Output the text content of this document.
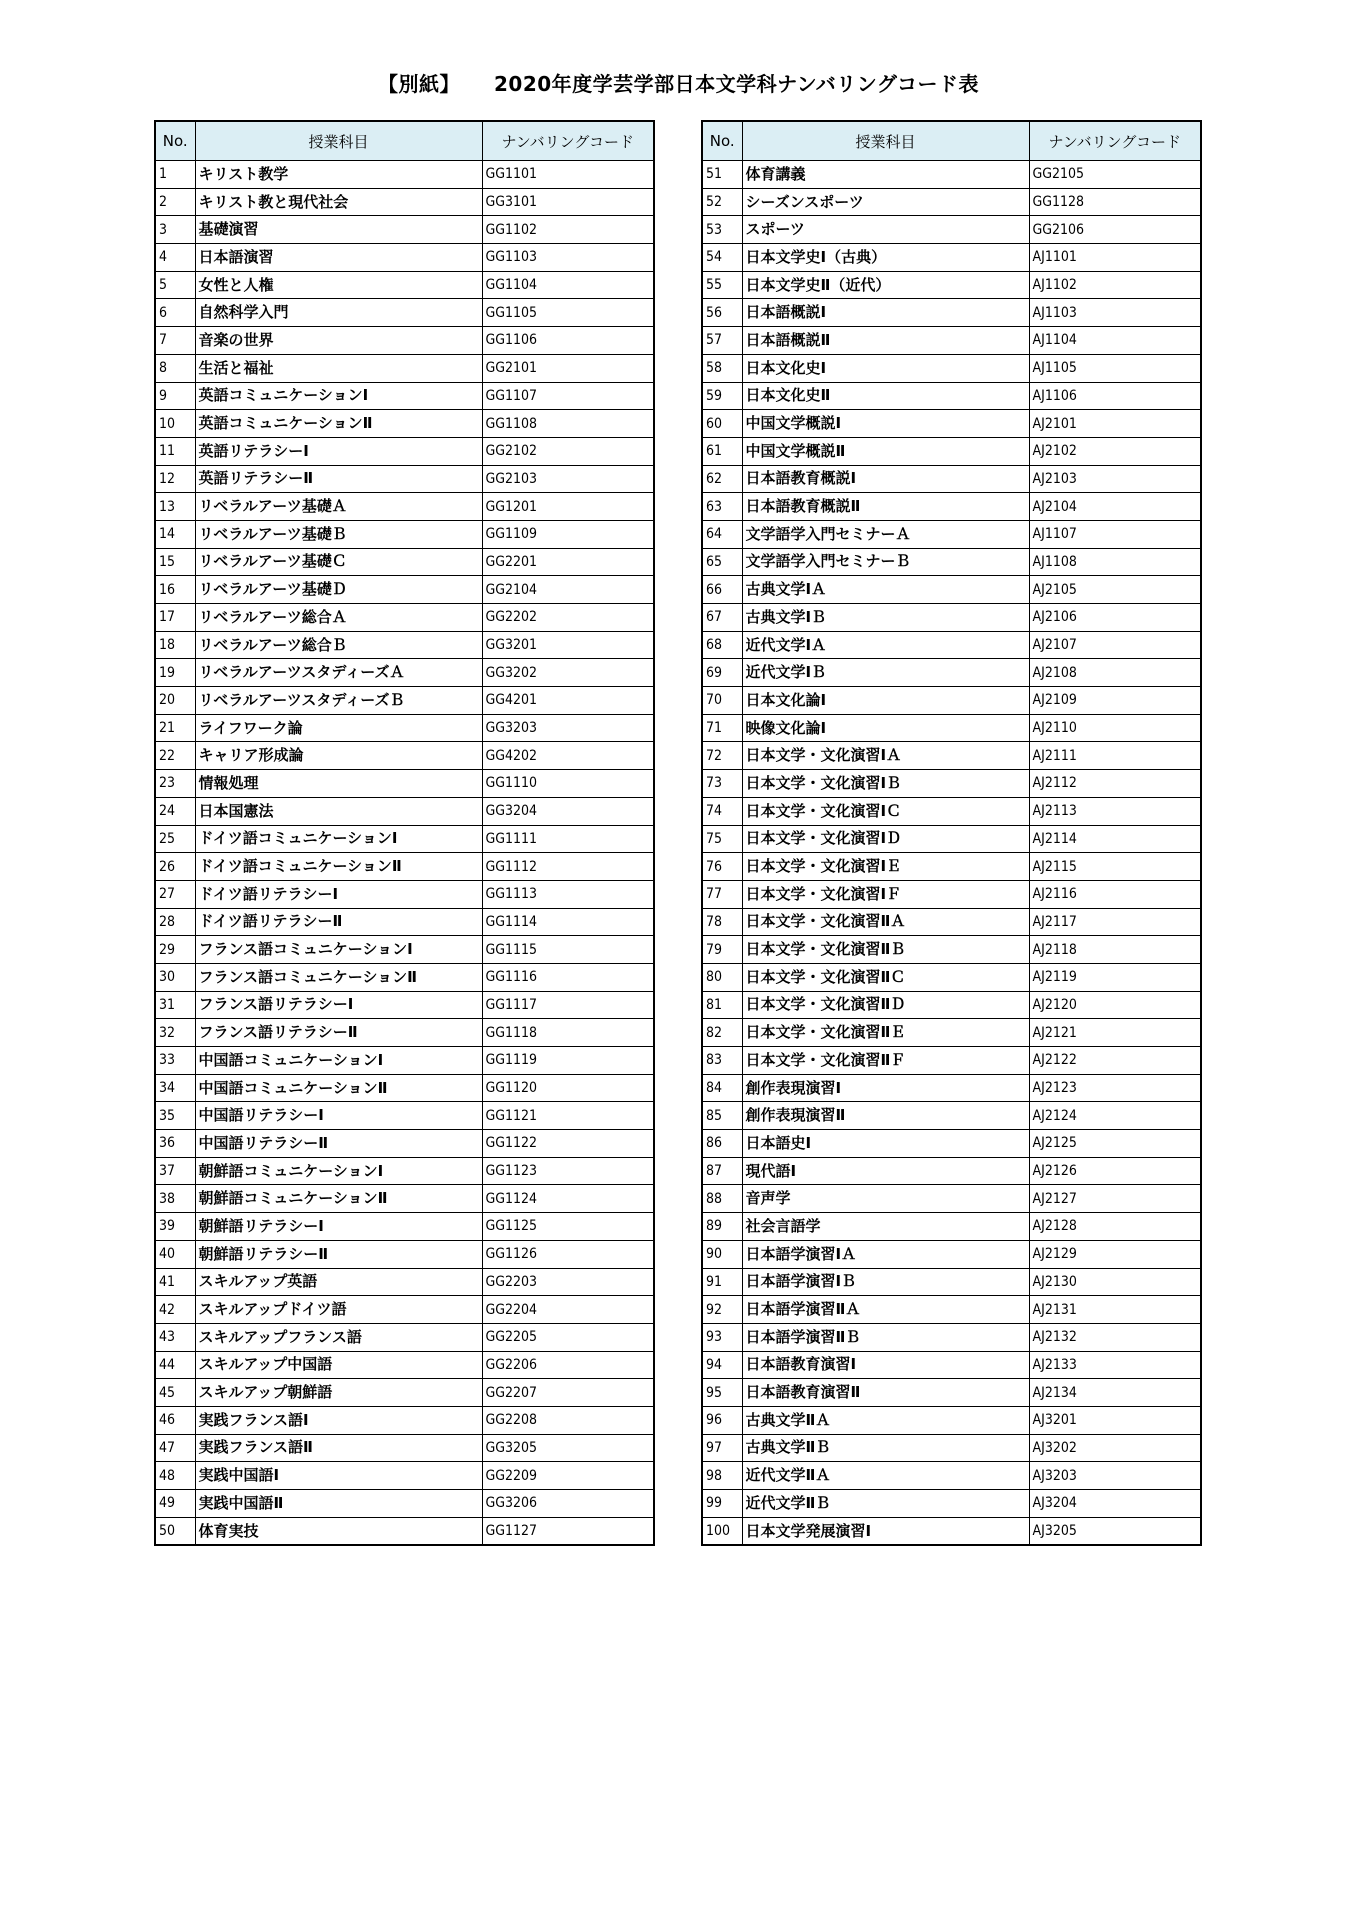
【別紙】 2020年度学芸学部日本文学科ナンバリングコード表
No.	授業科目	ナンバリングコード
1	キリスト教学	GG1101
2	キリスト教と現代社会	GG3101
3	基礎演習	GG1102
4	日本語演習	GG1103
5	女性と人権	GG1104
6	自然科学入門	GG1105
7	音楽の世界	GG1106
8	生活と福祉	GG2101
9	英語コミュニケーションⅠ	GG1107
10	英語コミュニケーションⅡ	GG1108
11	英語リテラシーⅠ	GG2102
12	英語リテラシーⅡ	GG2103
13	リベラルアーツ基礎Ａ	GG1201
14	リベラルアーツ基礎Ｂ	GG1109
15	リベラルアーツ基礎Ｃ	GG2201
16	リベラルアーツ基礎Ｄ	GG2104
17	リベラルアーツ総合Ａ	GG2202
18	リベラルアーツ総合Ｂ	GG3201
19	リベラルアーツスタディーズＡ	GG3202
20	リベラルアーツスタディーズＢ	GG4201
21	ライフワーク論	GG3203
22	キャリア形成論	GG4202
23	情報処理	GG1110
24	日本国憲法	GG3204
25	ドイツ語コミュニケーションⅠ	GG1111
26	ドイツ語コミュニケーションⅡ	GG1112
27	ドイツ語リテラシーⅠ	GG1113
28	ドイツ語リテラシーⅡ	GG1114
29	フランス語コミュニケーションⅠ	GG1115
30	フランス語コミュニケーションⅡ	GG1116
31	フランス語リテラシーⅠ	GG1117
32	フランス語リテラシーⅡ	GG1118
33	中国語コミュニケーションⅠ	GG1119
34	中国語コミュニケーションⅡ	GG1120
35	中国語リテラシーⅠ	GG1121
36	中国語リテラシーⅡ	GG1122
37	朝鮮語コミュニケーションⅠ	GG1123
38	朝鮮語コミュニケーションⅡ	GG1124
39	朝鮮語リテラシーⅠ	GG1125
40	朝鮮語リテラシーⅡ	GG1126
41	スキルアップ英語	GG2203
42	スキルアップドイツ語	GG2204
43	スキルアップフランス語	GG2205
44	スキルアップ中国語	GG2206
45	スキルアップ朝鮮語	GG2207
46	実践フランス語Ⅰ	GG2208
47	実践フランス語Ⅱ	GG3205
48	実践中国語Ⅰ	GG2209
49	実践中国語Ⅱ	GG3206
50	体育実技	GG1127
No.	授業科目	ナンバリングコード
51	体育講義	GG2105
52	シーズンスポーツ	GG1128
53	スポーツ	GG2106
54	日本文学史Ⅰ（古典）	AJ1101
55	日本文学史Ⅱ（近代）	AJ1102
56	日本語概説Ⅰ	AJ1103
57	日本語概説Ⅱ	AJ1104
58	日本文化史Ⅰ	AJ1105
59	日本文化史Ⅱ	AJ1106
60	中国文学概説Ⅰ	AJ2101
61	中国文学概説Ⅱ	AJ2102
62	日本語教育概説Ⅰ	AJ2103
63	日本語教育概説Ⅱ	AJ2104
64	文学語学入門セミナーＡ	AJ1107
65	文学語学入門セミナーＢ	AJ1108
66	古典文学ⅠＡ	AJ2105
67	古典文学ⅠＢ	AJ2106
68	近代文学ⅠＡ	AJ2107
69	近代文学ⅠＢ	AJ2108
70	日本文化論Ⅰ	AJ2109
71	映像文化論Ⅰ	AJ2110
72	日本文学・文化演習ⅠＡ	AJ2111
73	日本文学・文化演習ⅠＢ	AJ2112
74	日本文学・文化演習ⅠＣ	AJ2113
75	日本文学・文化演習ⅠＤ	AJ2114
76	日本文学・文化演習ⅠＥ	AJ2115
77	日本文学・文化演習ⅠＦ	AJ2116
78	日本文学・文化演習ⅡＡ	AJ2117
79	日本文学・文化演習ⅡＢ	AJ2118
80	日本文学・文化演習ⅡＣ	AJ2119
81	日本文学・文化演習ⅡＤ	AJ2120
82	日本文学・文化演習ⅡＥ	AJ2121
83	日本文学・文化演習ⅡＦ	AJ2122
84	創作表現演習Ⅰ	AJ2123
85	創作表現演習Ⅱ	AJ2124
86	日本語史Ⅰ	AJ2125
87	現代語Ⅰ	AJ2126
88	音声学	AJ2127
89	社会言語学	AJ2128
90	日本語学演習ⅠＡ	AJ2129
91	日本語学演習ⅠＢ	AJ2130
92	日本語学演習ⅡＡ	AJ2131
93	日本語学演習ⅡＢ	AJ2132
94	日本語教育演習Ⅰ	AJ2133
95	日本語教育演習Ⅱ	AJ2134
96	古典文学ⅡＡ	AJ3201
97	古典文学ⅡＢ	AJ3202
98	近代文学ⅡＡ	AJ3203
99	近代文学ⅡＢ	AJ3204
100	日本文学発展演習Ⅰ	AJ3205
